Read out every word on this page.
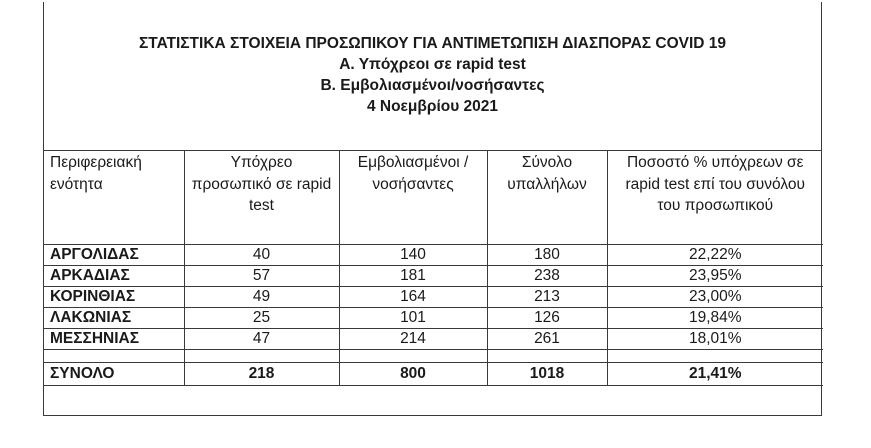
ΣΤΑΤΙΣΤΙΚΑ ΣΤΟΙΧΕΙΑ ΠΡΟΣΩΠΙΚΟΥ ΓΙΑ ΑΝΤΙΜΕΤΩΠΙΣΗ ΔΙΑΣΠΟΡΑΣ COVID 19
Α. Υπόχρεοι σε rapid test
Β. Εμβολιασμένοι/νοσήσαντες
4 Νοεμβρίου 2021
Περιφερειακή ενότητα	Υπόχρεο προσωπικό σε rapid test	Εμβολιασμένοι / νοσήσαντες	Σύνολο υπαλλήλων	Ποσοστό % υπόχρεων σε rapid test επί του συνόλου του προσωπικού
ΑΡΓΟΛΙΔΑΣ	40	140	180	22,22%
ΑΡΚΑΔΙΑΣ	57	181	238	23,95%
ΚΟΡΙΝΘΙΑΣ	49	164	213	23,00%
ΛΑΚΩΝΙΑΣ	25	101	126	19,84%
ΜΕΣΣΗΝΙΑΣ	47	214	261	18,01%

ΣΥΝΟΛΟ	218	800	1018	21,41%
